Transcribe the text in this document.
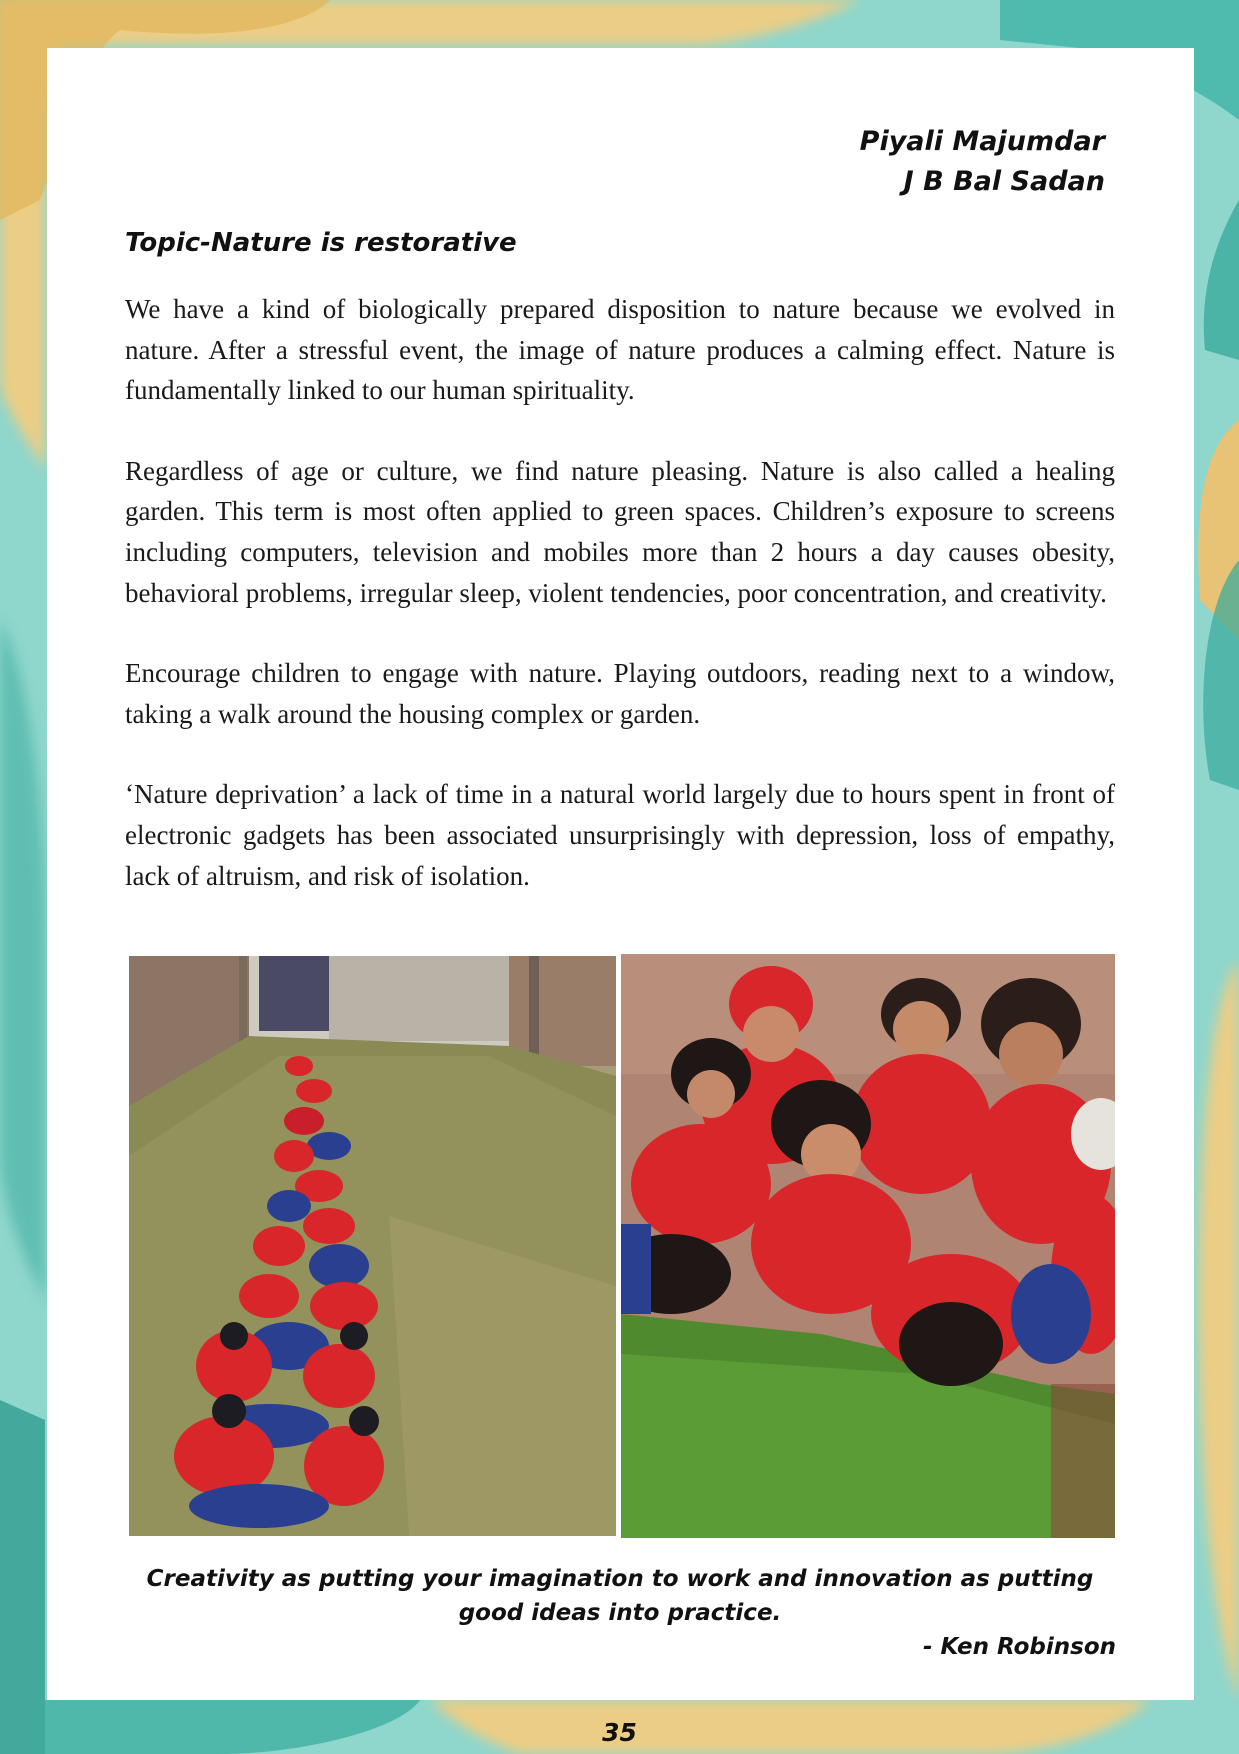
Piyali Majumdar
J B Bal Sadan
Topic-Nature is restorative

We have a kind of biologically prepared disposition to nature because we evolved in nature. After a stressful event, the image of nature produces a calming effect. Nature is fundamentally linked to our human spirituality.

Regardless of age or culture, we find nature pleasing. Nature is also called a healing garden. This term is most often applied to green spaces. Children’s exposure to screens including computers, television and mobiles more than 2 hours a day causes obesity, behavioral problems, irregular sleep, violent tendencies, poor concentration, and creativity.

Encourage children to engage with nature. Playing outdoors, reading next to a window, taking a walk around the housing complex or garden.

‘Nature deprivation’ a lack of time in a natural world largely due to hours spent in front of electronic gadgets has been associated unsurprisingly with depression, loss of empathy, lack of altruism, and risk of isolation.

Creativity as putting your imagination to work and innovation as putting good ideas into practice.
- Ken Robinson
35
